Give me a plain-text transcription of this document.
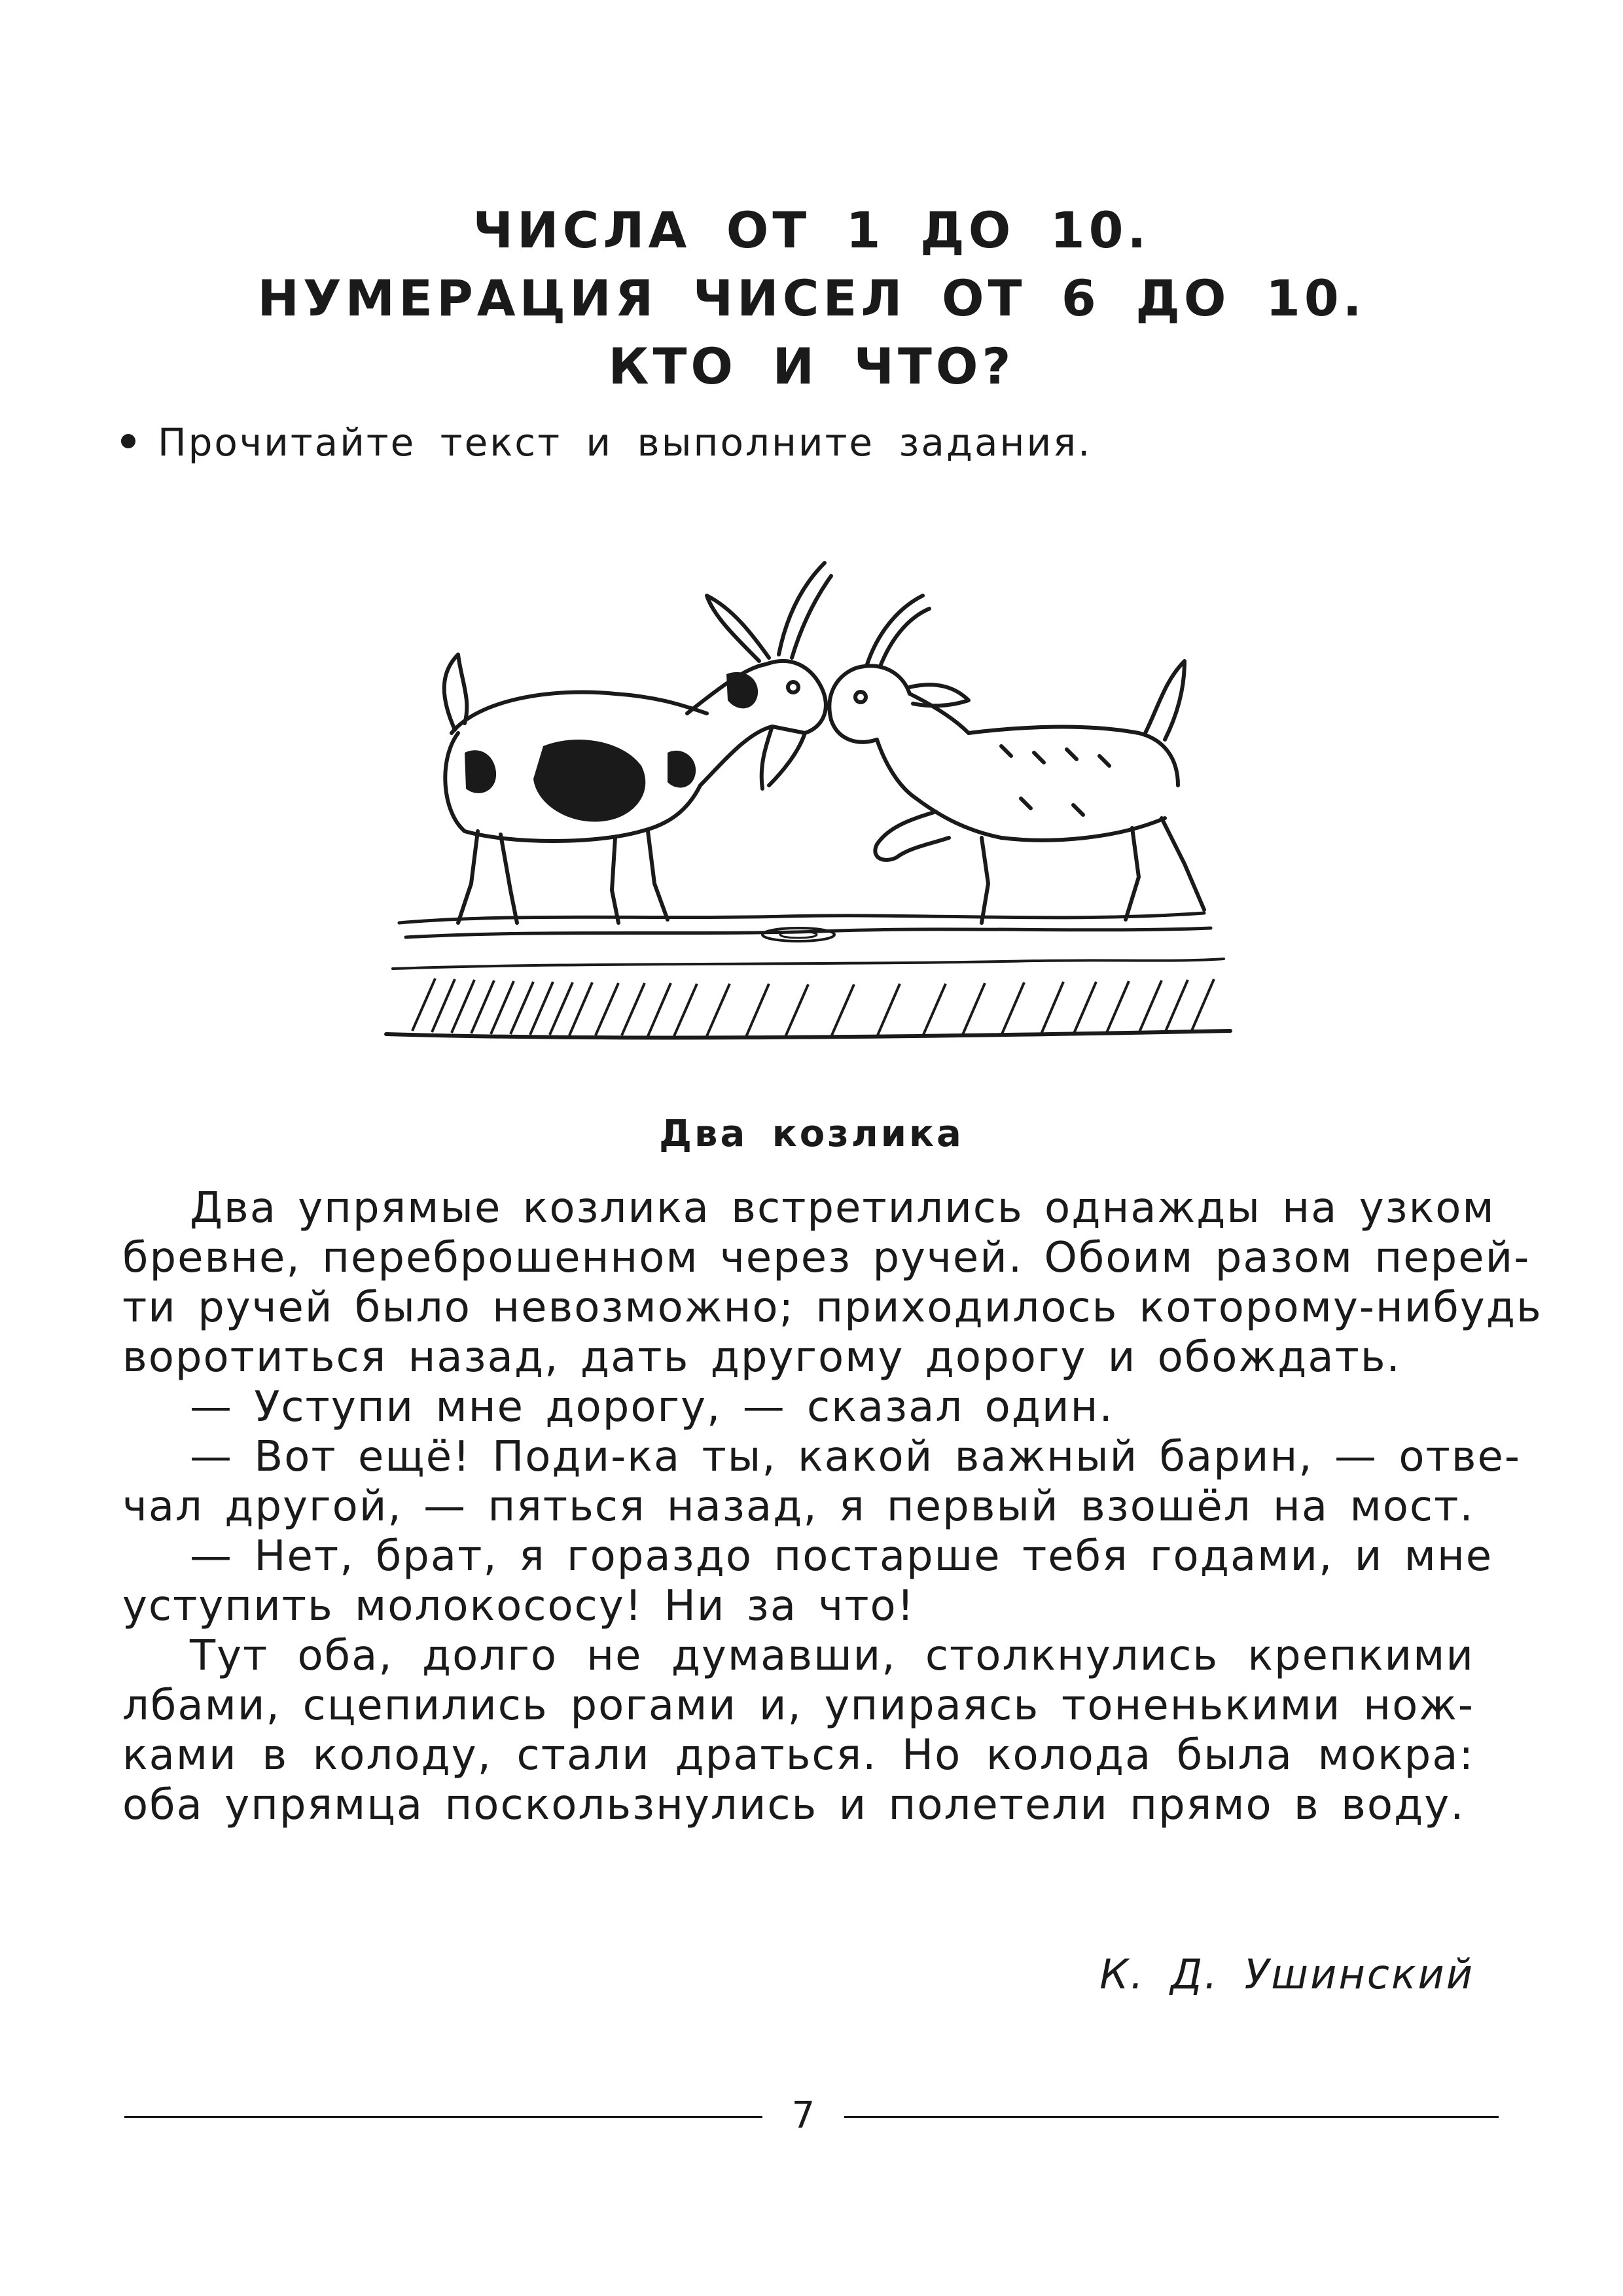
ЧИСЛА ОТ 1 ДО 10.
НУМЕРАЦИЯ ЧИСЕЛ ОТ 6 ДО 10.
КТО И ЧТО?
Прочитайте текст и выполните задания.
Два козлика
Два упрямые козлика встретились однажды на узком
бревне, переброшенном через ручей. Обоим разом перей-
ти ручей было невозможно; приходилось которому-нибудь
воротиться назад, дать другому дорогу и обождать.
— Уступи мне дорогу, — сказал один.
— Вот ещё! Поди-ка ты, какой важный барин, — отве-
чал другой, — пяться назад, я первый взошёл на мост.
— Нет, брат, я гораздо постарше тебя годами, и мне
уступить молокососу! Ни за что!
Тут оба, долго не думавши, столкнулись крепкими
лбами, сцепились рогами и, упираясь тоненькими нож-
ками в колоду, стали драться. Но колода была мокра:
оба упрямца поскользнулись и полетели прямо в воду.
К. Д. Ушинский
7
